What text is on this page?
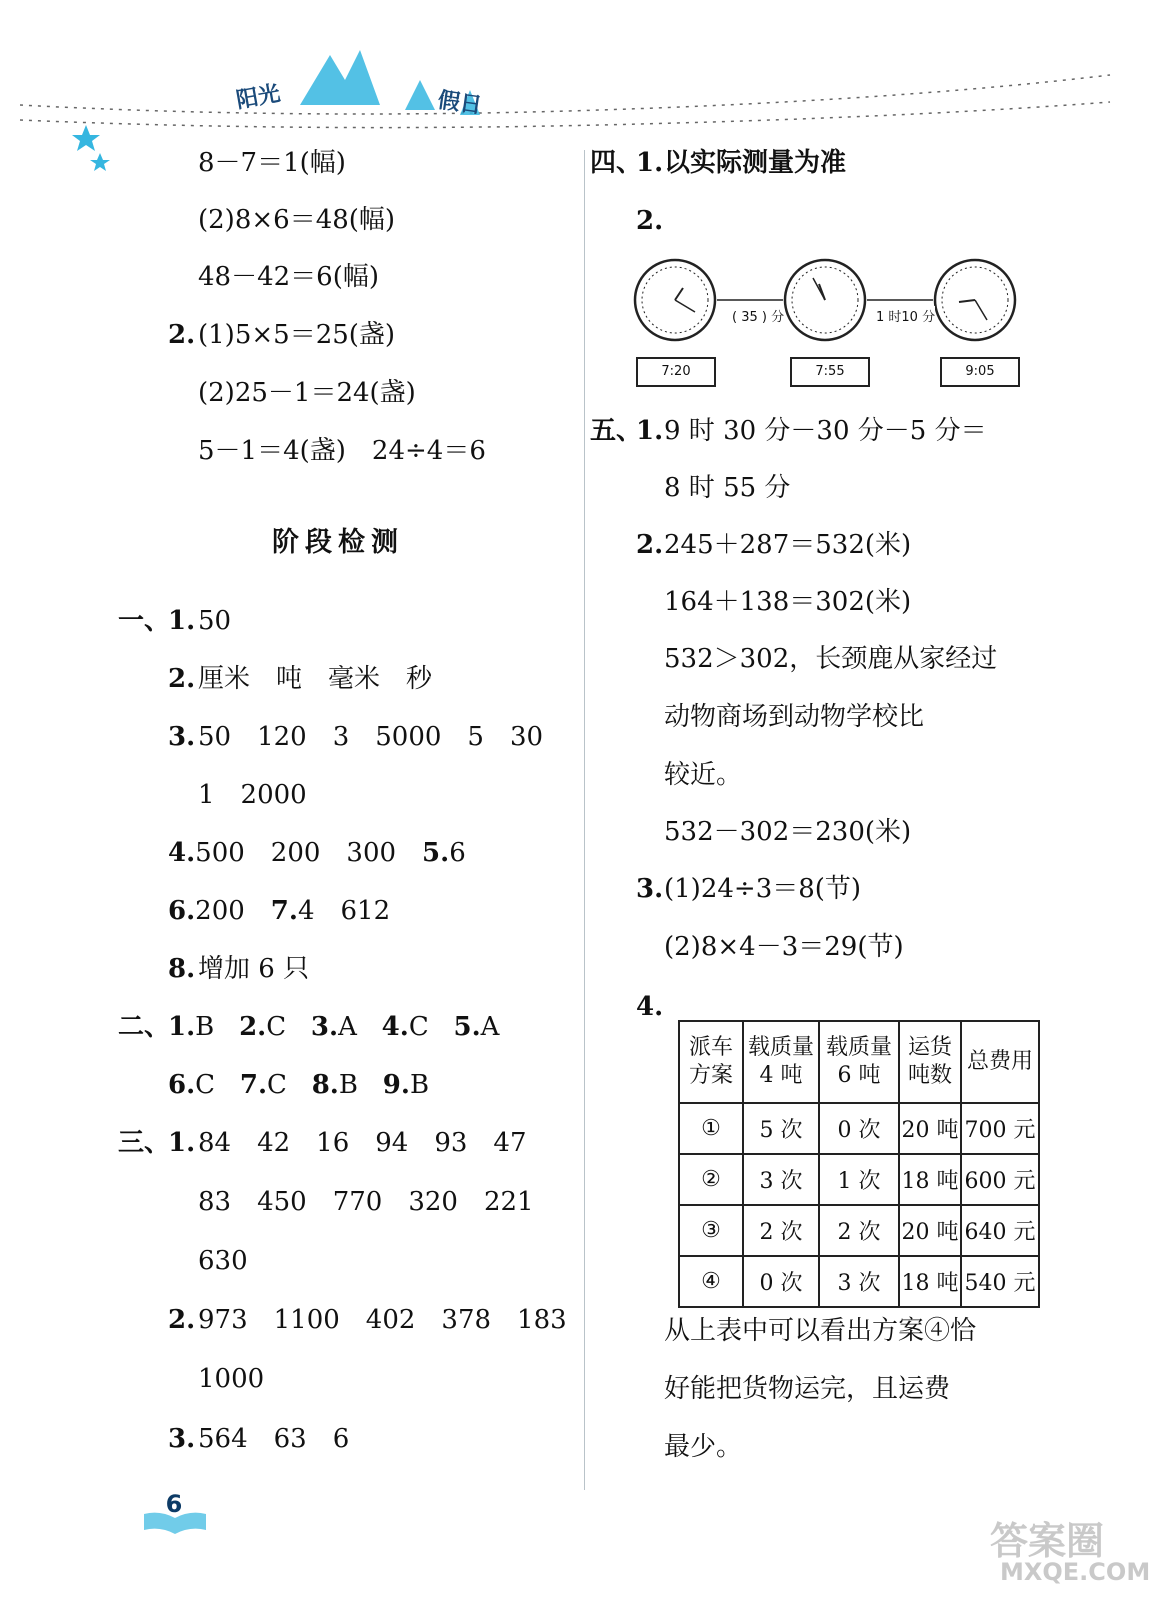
阳光	假日
8－7＝1(幅)
(2)8×6＝48(幅)
48－42＝6(幅)
2. (1)5×5＝25(盏)
(2)25－1＝24(盏)
5－1＝4(盏)　24÷4＝6
阶段检测
一、
1. 50
2. 厘米　吨　毫米　秒
3. 50　120　3　5000　5　30
1　2000
4.500　200　300　5.6
6.200　7.4　612
8. 增加 6 只
二、
1.B 2.C 3.A 4.C 5.A
6.C 7.C 8.B 9.B
三、
1. 84　42　16　94　93　47
83　450　770　320　221
630
2. 973　1100　402　378　183
1000
3. 564　63　6
四、
1. 以实际测量为准
2.
( 35 ) 分	1 时10 分
7:20	7:55	9:05
五、
1. 9 时 30 分－30 分－5 分＝
8 时 55 分
2. 245＋287＝532(米)
164＋138＝302(米)
532＞302，长颈鹿从家经过
动物商场到动物学校比
较近。
532－302＝230(米)
3. (1)24÷3＝8(节)
(2)8×4－3＝29(节)
4.
派车方案	载质量4 吨	载质量6 吨	运货吨数	总费用
①	5 次	0 次	20 吨	700 元
②	3 次	1 次	18 吨	600 元
③	2 次	2 次	20 吨	640 元
④	0 次	3 次	18 吨	540 元
从上表中可以看出方案④恰
好能把货物运完，且运费
最少。
6
答案圈
MXQE.COM
